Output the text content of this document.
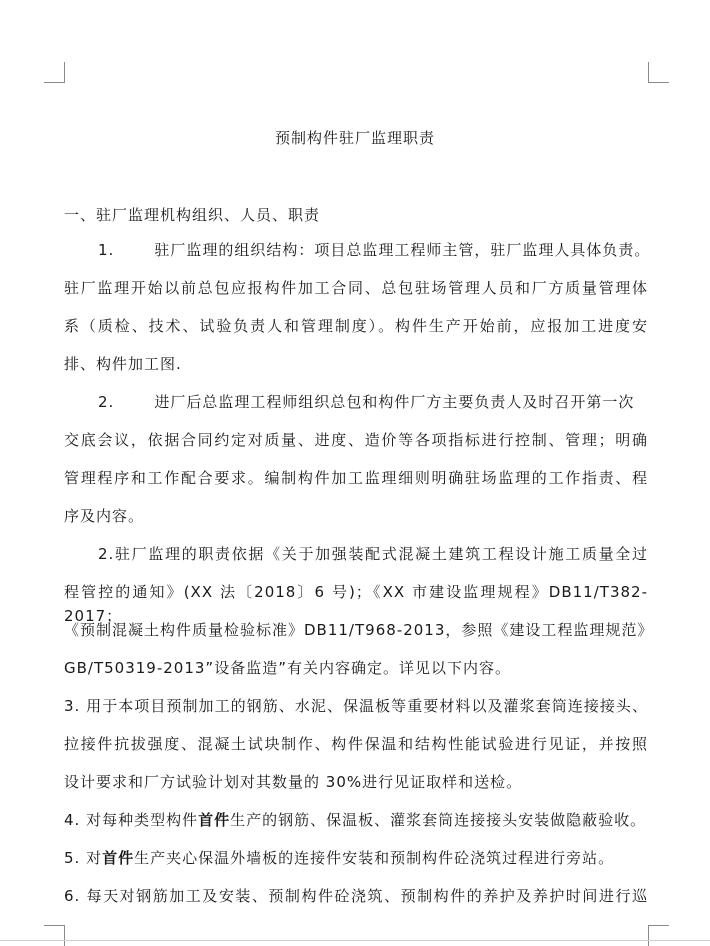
预制构件驻厂监理职责
一、驻厂监理机构组织、人员、职责
1.	驻厂监理的组织结构：项目总监理工程师主管，驻厂监理人具体负责。
驻厂监理开始以前总包应报构件加工合同、总包驻场管理人员和厂方质量管理体
系（质检、技术、试验负责人和管理制度）。构件生产开始前，应报加工进度安
排、构件加工图.
2.	进厂后总监理工程师组织总包和构件厂方主要负责人及时召开第一次
交底会议，依据合同约定对质量、进度、造价等各项指标进行控制、管理；明确
管理程序和工作配合要求。编制构件加工监理细则明确驻场监理的工作指责、程
序及内容。
2.驻厂监理的职责依据《关于加强装配式混凝土建筑工程设计施工质量全过
程管控的通知》(XX 法〔2018〕6 号)；《XX 市建设监理规程》DB11/T382-2017；
《预制混凝土构件质量检验标准》DB11/T968-2013，参照《建设工程监理规范》
GB/T50319-2013”设备监造”有关内容确定。详见以下内容。
3. 用于本项目预制加工的钢筋、水泥、保温板等重要材料以及灌浆套筒连接接头、
拉接件抗拔强度、混凝土试块制作、构件保温和结构性能试验进行见证，并按照
设计要求和厂方试验计划对其数量的 30%进行见证取样和送检。
4. 对每种类型构件首件生产的钢筋、保温板、灌浆套筒连接接头安装做隐蔽验收。
5. 对首件生产夹心保温外墙板的连接件安装和预制构件砼浇筑过程进行旁站。
6. 每天对钢筋加工及安装、预制构件砼浇筑、预制构件的养护及养护时间进行巡
